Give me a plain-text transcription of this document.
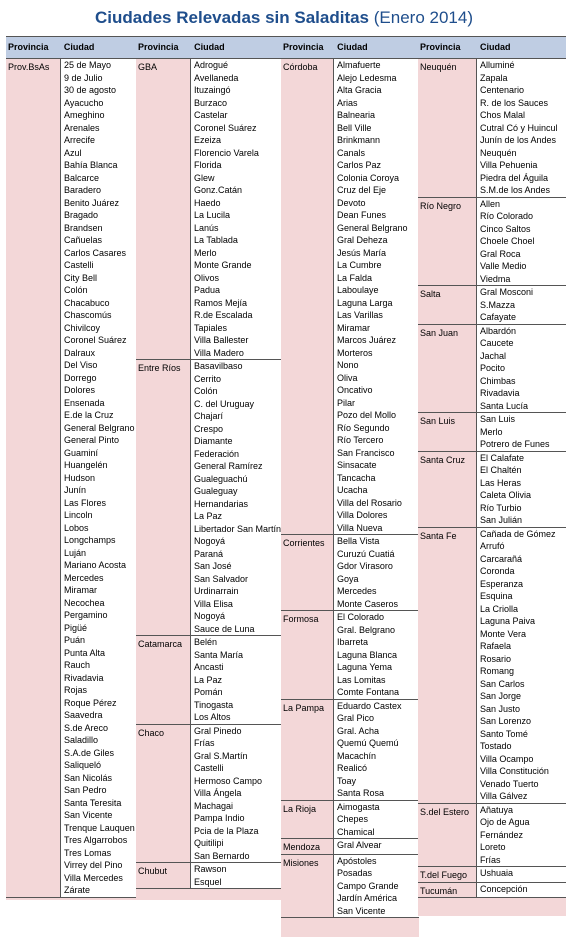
Ciudades Relevadas sin Saladitas (Enero 2014)
Provincia	Ciudad
Prov.BsAs	25 de Mayo
9 de Julio
30 de agosto
Ayacucho
Ameghino
Arenales
Arrecife
Azul
Bahía Blanca
Balcarce
Baradero
Benito Juárez
Bragado
Brandsen
Cañuelas
Carlos Casares
Castelli
City Bell
Colón
Chacabuco
Chascomús
Chivilcoy
Coronel Suárez
Dalraux
Del Viso
Dorrego
Dolores
Ensenada
E.de la Cruz
General Belgrano
General Pinto
Guaminí
Huangelén
Hudson
Junín
Las Flores
Lincoln
Lobos
Longchamps
Luján
Mariano Acosta
Mercedes
Miramar
Necochea
Pergamino
Pigüé
Puán
Punta Alta
Rauch
Rivadavia
Rojas
Roque Pérez
Saavedra
S.de Areco
Saladillo
S.A.de Giles
Saliqueló
San Nicolás
San Pedro
Santa Teresita
San Vicente
Trenque Lauquen
Tres Algarrobos
Tres Lomas
Virrey del Pino
Villa Mercedes
Zárate
Provincia	Ciudad
GBA	Adrogué
Avellaneda
Ituzaingó
Burzaco
Castelar
Coronel Suárez
Ezeiza
Florencio Varela
Florida
Glew
Gonz.Catán
Haedo
La Lucila
Lanús
La Tablada
Merlo
Monte Grande
Olivos
Padua
Ramos Mejía
R.de Escalada
Tapiales
Villa Ballester
Villa Madero
Entre Ríos	Basavilbaso
Cerrito
Colón
C. del Uruguay
Chajarí
Crespo
Diamante
Federación
General Ramírez
Gualeguachú
Gualeguay
Hernandarias
La Paz
Libertador San Martín
Nogoyá
Paraná
San José
San Salvador
Urdinarrain
Villa Elisa
Nogoyá
Sauce de Luna
Catamarca	Belén
Santa María
Ancasti
La Paz
Pomán
Tinogasta
Los Altos
Chaco	Gral Pinedo
Frías
Gral S.Martín
Castelli
Hermoso Campo
Villa Ángela
Machagai
Pampa Indio
Pcia de la Plaza
Quitilipi
San Bernardo
Chubut	Rawson
Esquel
Provincia	Ciudad
Córdoba	Almafuerte
Alejo Ledesma
Alta Gracia
Arias
Balnearia
Bell Ville
Brinkmann
Canals
Carlos Paz
Colonia Coroya
Cruz del Eje
Devoto
Dean Funes
General Belgrano
Gral Deheza
Jesús María
La Cumbre
La Falda
Laboulaye
Laguna Larga
Las Varillas
Miramar
Marcos Juárez
Morteros
Nono
Oliva
Oncativo
Pilar
Pozo del Mollo
Río Segundo
Río Tercero
San Francisco
Sinsacate
Tancacha
Ucacha
Villa del Rosario
Villa Dolores
Villa Nueva
Corrientes	Bella Vista
Curuzú Cuatiá
Gdor Virasoro
Goya
Mercedes
Monte Caseros
Formosa	El Colorado
Gral. Belgrano
Ibarreta
Laguna Blanca
Laguna Yema
Las Lomitas
Comte Fontana
La Pampa	Eduardo Castex
Gral Pico
Gral. Acha
Quemú Quemú
Macachín
Realicó
Toay
Santa Rosa
La Rioja	Aimogasta
Chepes
Chamical
Mendoza	Gral Alvear
Misiones	Apóstoles
Posadas
Campo Grande
Jardín América
San Vicente
Provincia	Ciudad
Neuquén	Alluminé
Zapala
Centenario
R. de los Sauces
Chos Malal
Cutral Có y Huincul
Junín de los Andes
Neuquén
Villa Pehuenia
Piedra del Águila
S.M.de los Andes
Río Negro	Allen
Río Colorado
Cinco Saltos
Choele Choel
Gral Roca
Valle Medio
Viedma
Salta	Gral Mosconi
S.Mazza
Cafayate
San Juan	Albardón
Caucete
Jachal
Pocito
Chimbas
Rivadavia
Santa Lucía
San Luis	San Luis
Merlo
Potrero de Funes
Santa Cruz	El Calafate
El Chaltén
Las Heras
Caleta Olivia
Río Turbio
San Julián
Santa Fe	Cañada de Gómez
Arrufó
Carcarañá
Coronda
Esperanza
Esquina
La Criolla
Laguna Paiva
Monte Vera
Rafaela
Rosario
Romang
San Carlos
San Jorge
San Justo
San Lorenzo
Santo Tomé
Tostado
Villa Ocampo
Villa Constitución
Venado Tuerto
Villa Gálvez
S.del Estero	Añatuya
Ojo de Agua
Fernández
Loreto
Frías
T.del Fuego	Ushuaia
Tucumán	Concepción
